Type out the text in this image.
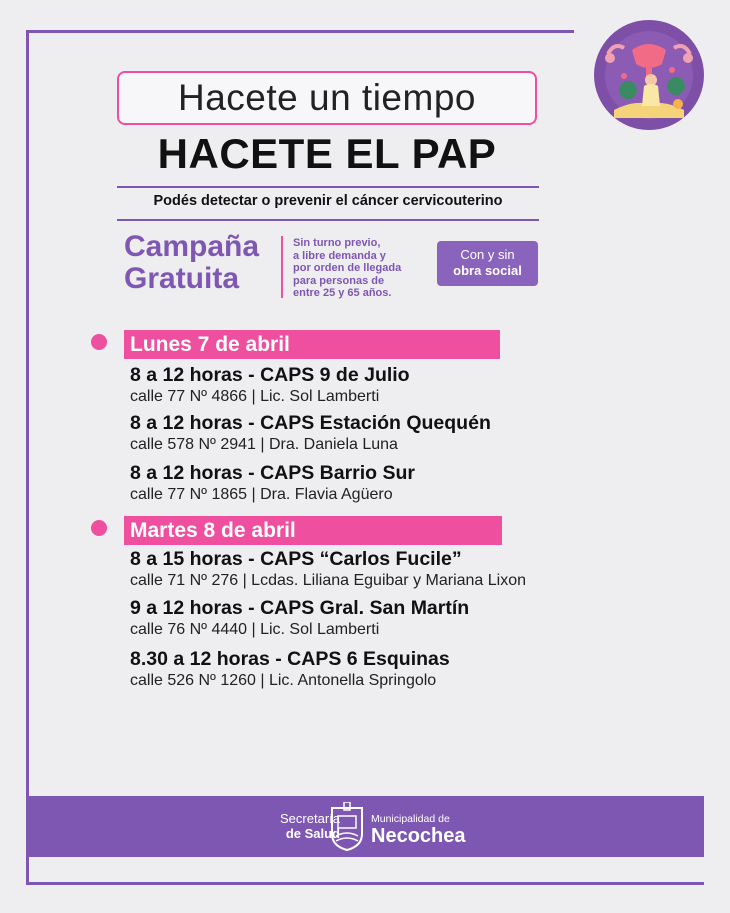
Hacete un tiempo
HACETE EL PAP
Podés detectar o prevenir el cáncer cervicouterino
Campaña
Gratuita
Sin turno previo,
a libre demanda y
por orden de llegada
para personas de
entre 25 y 65 años.
Con y sin
obra social
Lunes 7 de abril
8 a 12 horas - CAPS 9 de Julio
calle 77 Nº 4866 | Lic. Sol Lamberti
8 a 12 horas - CAPS Estación Quequén
calle 578 Nº 2941 | Dra. Daniela Luna
8 a 12 horas - CAPS Barrio Sur
calle 77 Nº 1865 | Dra. Flavia Agüero
Martes 8 de abril
8 a 15 horas - CAPS “Carlos Fucile”
calle 71 Nº 276 | Lcdas. Liliana Eguibar y Mariana Lixon
9 a 12 horas - CAPS Gral. San Martín
calle 76 Nº 4440 | Lic. Sol Lamberti
8.30 a 12 horas - CAPS 6 Esquinas
calle 526 Nº 1260 | Lic. Antonella Springolo
Secretaría
de Salud
Municipalidad de
Necochea
